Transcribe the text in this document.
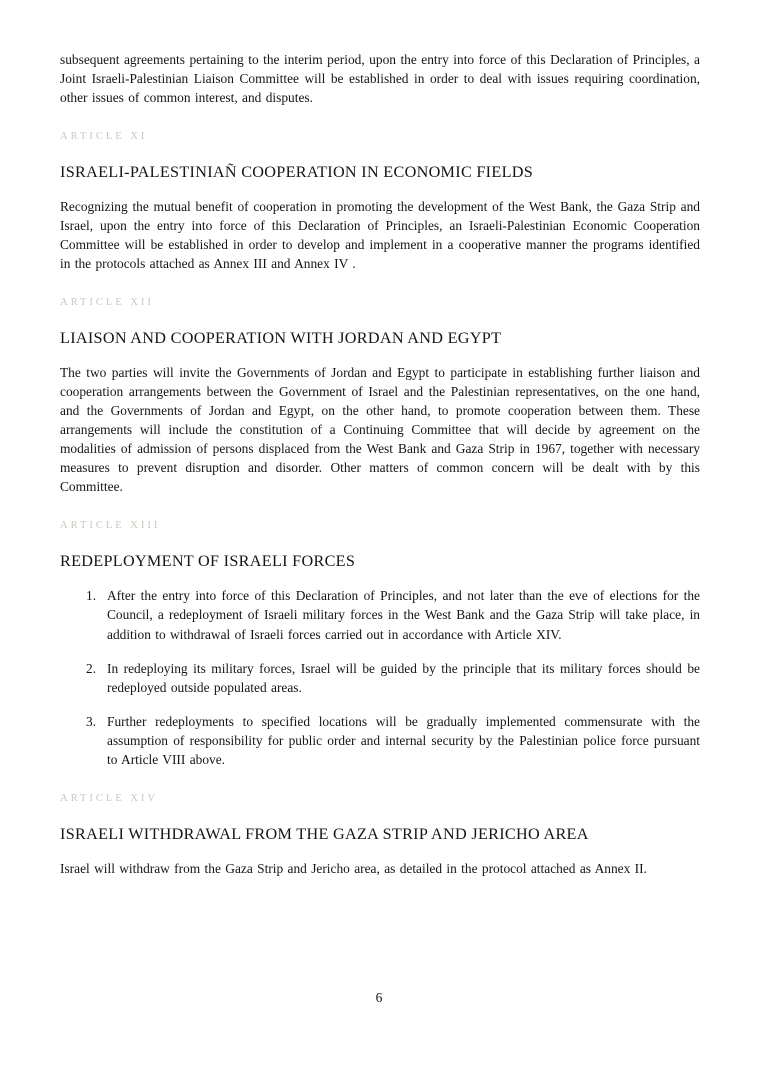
subsequent agreements pertaining to the interim period, upon the entry into force of this Declaration of Principles, a Joint Israeli-Palestinian Liaison Committee will be established in order to deal with issues requiring coordination, other issues of common interest, and disputes.

ARTICLE XI
ISRAELI-PALESTINIAÑ COOPERATION IN ECONOMIC FIELDS

Recognizing the mutual benefit of cooperation in promoting the development of the West Bank, the Gaza Strip and Israel, upon the entry into force of this Declaration of Principles, an Israeli-Palestinian Economic Cooperation Committee will be established in order to develop and implement in a cooperative manner the programs identified in the protocols attached as Annex III and Annex IV .

ARTICLE XII
LIAISON AND COOPERATION WITH JORDAN AND EGYPT

The two parties will invite the Governments of Jordan and Egypt to participate in establishing further liaison and cooperation arrangements between the Government of Israel and the Palestinian representatives, on the one hand, and the Governments of Jordan and Egypt, on the other hand, to promote cooperation between them. These arrangements will include the constitution of a Continuing Committee that will decide by agreement on the modalities of admission of persons displaced from the West Bank and Gaza Strip in 1967, together with necessary measures to prevent disruption and disorder. Other matters of common concern will be dealt with by this Committee.

ARTICLE XIII
REDEPLOYMENT OF ISRAELI FORCES
1. After the entry into force of this Declaration of Principles, and not later than the eve of elections for the Council, a redeployment of Israeli military forces in the West Bank and the Gaza Strip will take place, in addition to withdrawal of Israeli forces carried out in accordance with Article XIV.
2. In redeploying its military forces, Israel will be guided by the principle that its military forces should be redeployed outside populated areas.
3. Further redeployments to specified locations will be gradually implemented commensurate with the assumption of responsibility for public order and internal security by the Palestinian police force pursuant to Article VIII above.
ARTICLE XIV
ISRAELI WITHDRAWAL FROM THE GAZA STRIP AND JERICHO AREA

Israel will withdraw from the Gaza Strip and Jericho area, as detailed in the protocol attached as Annex II.

6
